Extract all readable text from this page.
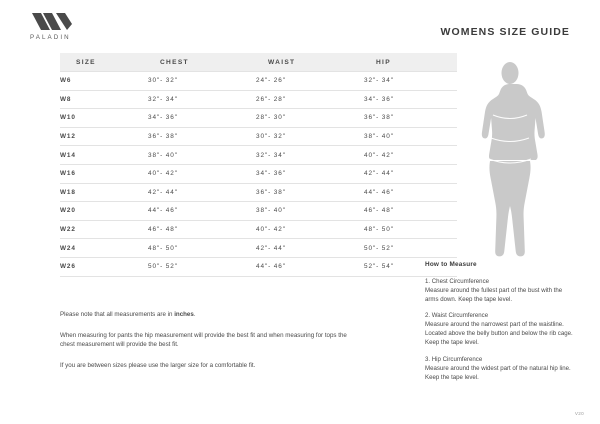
PALADIN	WOMENS SIZE GUIDE
SIZE	CHEST	WAIST	HIP
W6	30"- 32"	24"- 26"	32"- 34"
W8	32"- 34"	26"- 28"	34"- 36"
W10	34"- 36"	28"- 30"	36"- 38"
W12	36"- 38"	30"- 32"	38"- 40"
W14	38"- 40"	32"- 34"	40"- 42"
W16	40"- 42"	34"- 36"	42"- 44"
W18	42"- 44"	36"- 38"	44"- 46"
W20	44"- 46"	38"- 40"	46"- 48"
W22	46"- 48"	40"- 42"	48"- 50"
W24	48"- 50"	42"- 44"	50"- 52"
W26	50"- 52"	44"- 46"	52"- 54"

Please note that all measurements are in inches.

When measuring for pants the hip measurement will provide the best fit and when measuring for tops the chest measurement will provide the best fit.

If you are between sizes please use the larger size for a comfortable fit.

How to Measure
1. Chest Circumference
Measure around the fullest part of the bust with the arms down. Keep the tape level.
2. Waist Circumference
Measure around the narrowest part of the waistline. Located above the belly button and below the rib cage. Keep the tape level.
3. Hip Circumference
Measure around the widest part of the natural hip line. Keep the tape level.
V20
